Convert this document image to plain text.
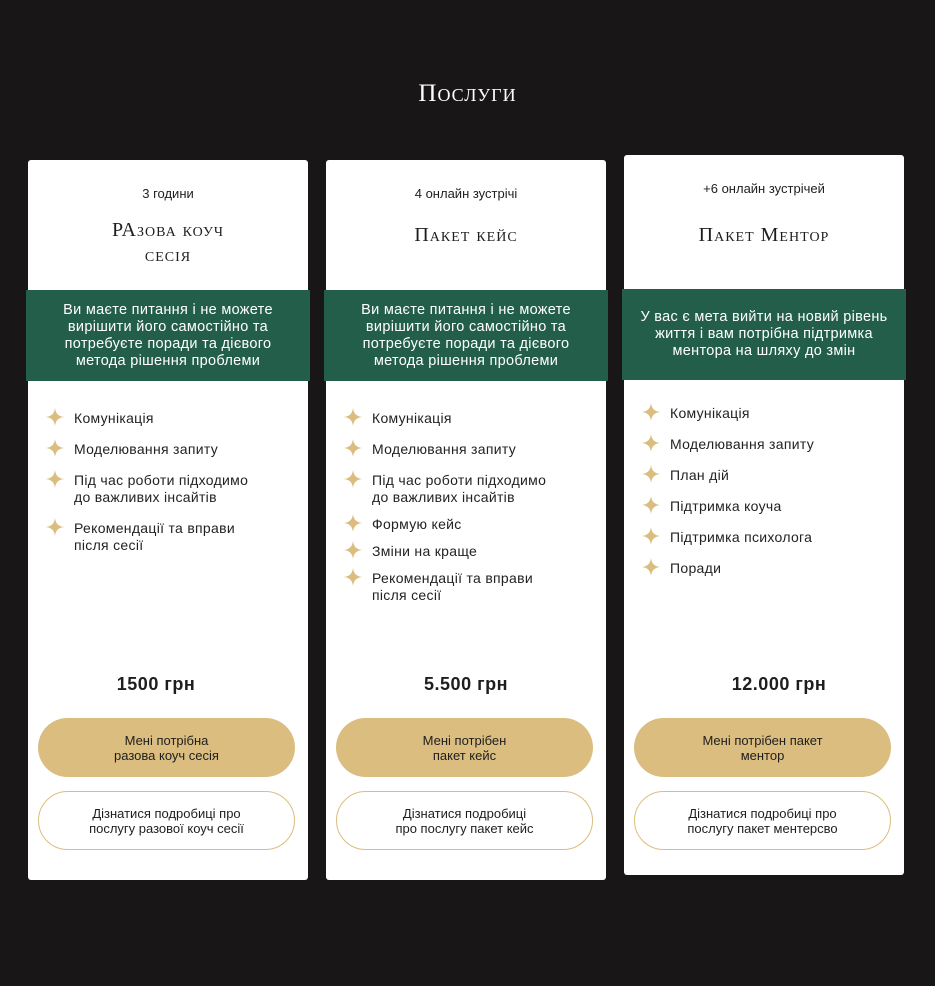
Послуги
3 години
РАзова коуч
сесія
Ви маєте питання і не можете
вирішити його самостійно та
потребуєте поради та дієвого
метода рішення проблеми
Комунікація
Моделювання запиту
Під час роботи підходимо
до важливих інсайтів
Рекомендації та вправи
після сесії
1500 грн
Мені потрібна
разова коуч сесія
Дізнатися подробиці про
послугу разової коуч сесії
4 онлайн зустрічі
Пакет кейс
Ви маєте питання і не можете
вирішити його самостійно та
потребуєте поради та дієвого
метода рішення проблеми
Комунікація
Моделювання запиту
Під час роботи підходимо
до важливих інсайтів
Формую кейс
Зміни на краще
Рекомендації та вправи
після сесії
5.500 грн
Мені потрібен
пакет кейс
Дізнатися подробиці
про послугу пакет кейс
+6 онлайн зустрічей
Пакет Ментор
У вас є мета вийти на новий рівень
життя і вам потрібна підтримка
ментора на шляху до змін
Комунікація
Моделювання запиту
План дій
Підтримка коуча
Підтримка психолога
Поради
12.000 грн
Мені потрібен пакет
ментор
Дізнатися подробиці про
послугу пакет ментерсво
